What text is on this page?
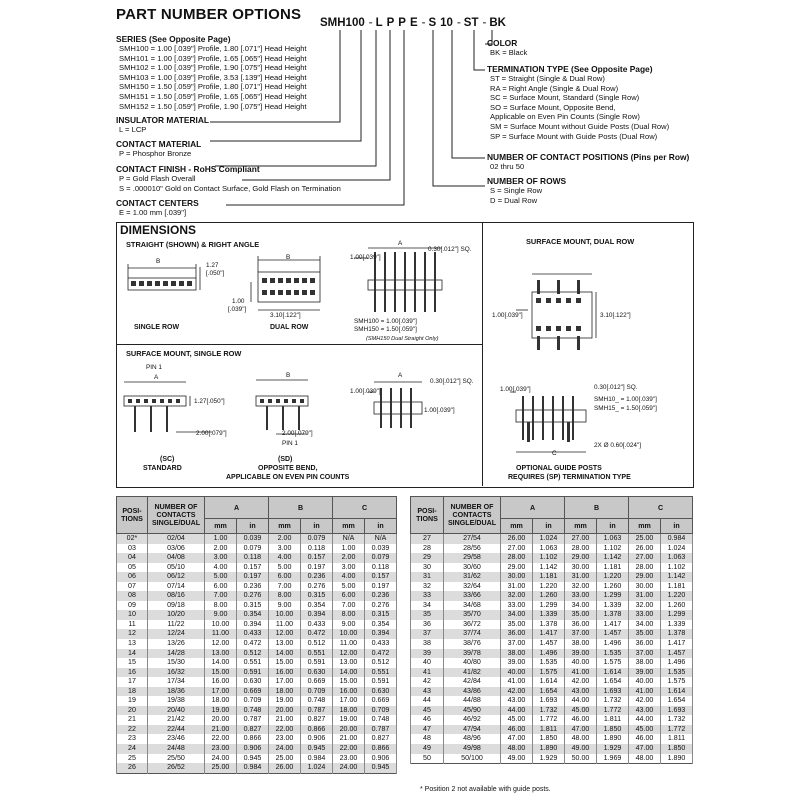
PART NUMBER OPTIONS SMH100 - L P P E - S 10 - ST - BK
SERIES (See Opposite Page)
SMH100 = 1.00 [.039"] Profile, 1.80 [.071"] Head Height
SMH101 = 1.00 [.039"] Profile, 1.65 [.065"] Head Height
SMH102 = 1.00 [.039"] Profile, 1.90 [.075"] Head Height
SMH103 = 1.00 [.039"] Profile, 3.53 [.139"] Head Height
SMH150 = 1.50 [.059"] Profile, 1.80 [.071"] Head Height
SMH151 = 1.50 [.059"] Profile, 1.65 [.065"] Head Height
SMH152 = 1.50 [.059"] Profile, 1.90 [.075"] Head Height
INSULATOR MATERIAL
L = LCP
CONTACT MATERIAL
P = Phosphor Bronze
CONTACT FINISH - RoHS Compliant
P = Gold Flash Overall
S = .000010" Gold on Contact Surface, Gold Flash on Termination
CONTACT CENTERS
E = 1.00 mm [.039"]
COLOR
BK = Black
TERMINATION TYPE (See Opposite Page)
ST = Straight (Single & Dual Row)
RA = Right Angle (Single & Dual Row)
SC = Surface Mount, Standard (Single Row)
SO = Surface Mount, Opposite Bend,
Applicable on Even Pin Counts (Single Row)
SM = Surface Mount without Guide Posts (Dual Row)
SP = Surface Mount with Guide Posts (Dual Row)
NUMBER OF CONTACT POSITIONS (Pins per Row)
02 thru 50
NUMBER OF ROWS
S = Single Row
D = Dual Row
DIMENSIONS
STRAIGHT (SHOWN) & RIGHT ANGLE	SURFACE MOUNT, DUAL ROW
SURFACE MOUNT, SINGLE ROW
B
1.27
[.050"]
B
1.00
[.039"]
3.10[.122"]
SINGLE ROW	DUAL ROW
A
0.30[.012"] SQ.
1.00[.039"]
SMH100 = 1.00[.039"]
SMH150 = 1.50[.059"]
(SMH150 Dual Straight Only)
1.00[.039"]	3.10[.122"]
PIN 1
A
1.27[.050"]
2.00[.079"]
B
2.00[.079"]
PIN 1
A
0.30[.012"] SQ.
1.00[.039"]
1.00[.039"]
(SC)
STANDARD
(SD)
OPPOSITE BEND,
APPLICABLE ON EVEN PIN COUNTS
1.00[.039"]	0.30[.012"] SQ.
SMH10_ = 1.00[.039"]
SMH15_ = 1.50[.059"]
2X Ø 0.60[.024"]
C
OPTIONAL GUIDE POSTS
REQUIRES (SP) TERMINATION TYPE
POSI-TIONS	NUMBER OF CONTACTS SINGLE/DUAL	A		B		C	
		mm	in	mm	in	mm	in
02*	02/04	1.00	0.039	2.00	0.079	N/A	N/A
03	03/06	2.00	0.079	3.00	0.118	1.00	0.039
04	04/08	3.00	0.118	4.00	0.157	2.00	0.079
05	05/10	4.00	0.157	5.00	0.197	3.00	0.118
06	06/12	5.00	0.197	6.00	0.236	4.00	0.157
07	07/14	6.00	0.236	7.00	0.276	5.00	0.197
08	08/16	7.00	0.276	8.00	0.315	6.00	0.236
09	09/18	8.00	0.315	9.00	0.354	7.00	0.276
10	10/20	9.00	0.354	10.00	0.394	8.00	0.315
11	11/22	10.00	0.394	11.00	0.433	9.00	0.354
12	12/24	11.00	0.433	12.00	0.472	10.00	0.394
13	13/26	12.00	0.472	13.00	0.512	11.00	0.433
14	14/28	13.00	0.512	14.00	0.551	12.00	0.472
15	15/30	14.00	0.551	15.00	0.591	13.00	0.512
16	16/32	15.00	0.591	16.00	0.630	14.00	0.551
17	17/34	16.00	0.630	17.00	0.669	15.00	0.591
18	18/36	17.00	0.669	18.00	0.709	16.00	0.630
19	19/38	18.00	0.709	19.00	0.748	17.00	0.669
20	20/40	19.00	0.748	20.00	0.787	18.00	0.709
21	21/42	20.00	0.787	21.00	0.827	19.00	0.748
22	22/44	21.00	0.827	22.00	0.866	20.00	0.787
23	23/46	22.00	0.866	23.00	0.906	21.00	0.827
24	24/48	23.00	0.906	24.00	0.945	22.00	0.866
25	25/50	24.00	0.945	25.00	0.984	23.00	0.906
26	26/52	25.00	0.984	26.00	1.024	24.00	0.945
POSI-TIONS	NUMBER OF CONTACTS SINGLE/DUAL	A		B		C	
		mm	in	mm	in	mm	in
27	27/54	26.00	1.024	27.00	1.063	25.00	0.984
28	28/56	27.00	1.063	28.00	1.102	26.00	1.024
29	29/58	28.00	1.102	29.00	1.142	27.00	1.063
30	30/60	29.00	1.142	30.00	1.181	28.00	1.102
31	31/62	30.00	1.181	31.00	1.220	29.00	1.142
32	32/64	31.00	1.220	32.00	1.260	30.00	1.181
33	33/66	32.00	1.260	33.00	1.299	31.00	1.220
34	34/68	33.00	1.299	34.00	1.339	32.00	1.260
35	35/70	34.00	1.339	35.00	1.378	33.00	1.299
36	36/72	35.00	1.378	36.00	1.417	34.00	1.339
37	37/74	36.00	1.417	37.00	1.457	35.00	1.378
38	38/76	37.00	1.457	38.00	1.496	36.00	1.417
39	39/78	38.00	1.496	39.00	1.535	37.00	1.457
40	40/80	39.00	1.535	40.00	1.575	38.00	1.496
41	41/82	40.00	1.575	41.00	1.614	39.00	1.535
42	42/84	41.00	1.614	42.00	1.654	40.00	1.575
43	43/86	42.00	1.654	43.00	1.693	41.00	1.614
44	44/88	43.00	1.693	44.00	1.732	42.00	1.654
45	45/90	44.00	1.732	45.00	1.772	43.00	1.693
46	46/92	45.00	1.772	46.00	1.811	44.00	1.732
47	47/94	46.00	1.811	47.00	1.850	45.00	1.772
48	48/96	47.00	1.850	48.00	1.890	46.00	1.811
49	49/98	48.00	1.890	49.00	1.929	47.00	1.850
50	50/100	49.00	1.929	50.00	1.969	48.00	1.890
* Position 2 not available with guide posts.
